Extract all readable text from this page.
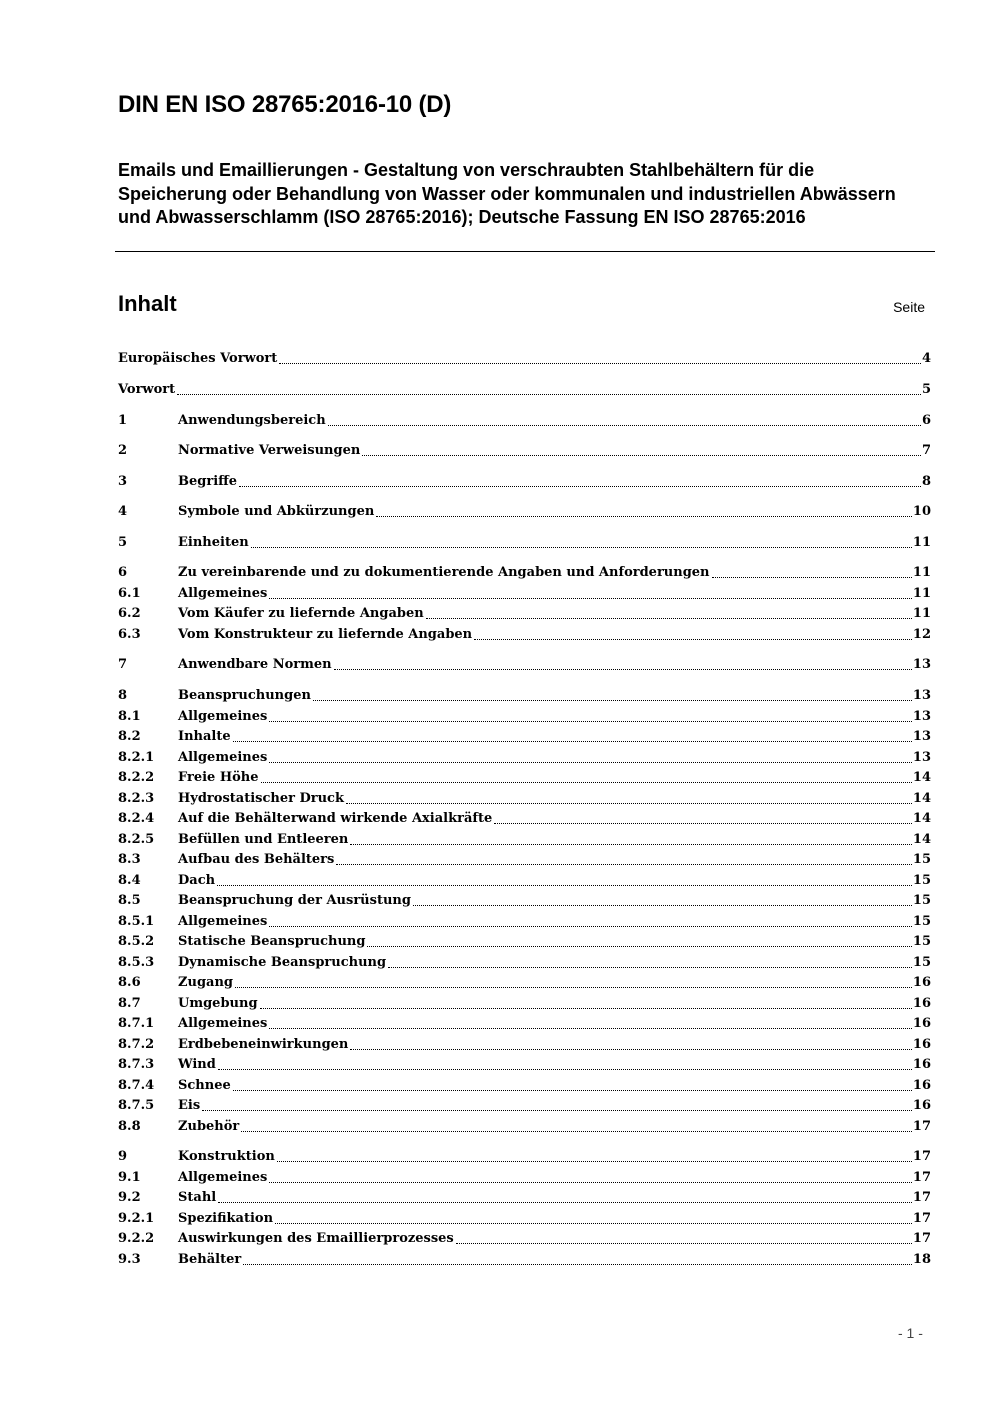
DIN EN ISO 28765:2016-10 (D)
Emails und Emaillierungen - Gestaltung von verschraubten Stahlbehältern für die Speicherung oder Behandlung von Wasser oder kommunalen und industriellen Abwässern und Abwasserschlamm (ISO 28765:2016); Deutsche Fassung EN ISO 28765:2016
Inhalt	Seite
Europäisches Vorwort	4
Vorwort	5
1	Anwendungsbereich	6
2	Normative Verweisungen	7
3	Begriffe	8
4	Symbole und Abkürzungen	10
5	Einheiten	11
6	Zu vereinbarende und zu dokumentierende Angaben und Anforderungen	11
6.1	Allgemeines	11
6.2	Vom Käufer zu liefernde Angaben	11
6.3	Vom Konstrukteur zu liefernde Angaben	12
7	Anwendbare Normen	13
8	Beanspruchungen	13
8.1	Allgemeines	13
8.2	Inhalte	13
8.2.1	Allgemeines	13
8.2.2	Freie Höhe	14
8.2.3	Hydrostatischer Druck	14
8.2.4	Auf die Behälterwand wirkende Axialkräfte	14
8.2.5	Befüllen und Entleeren	14
8.3	Aufbau des Behälters	15
8.4	Dach	15
8.5	Beanspruchung der Ausrüstung	15
8.5.1	Allgemeines	15
8.5.2	Statische Beanspruchung	15
8.5.3	Dynamische Beanspruchung	15
8.6	Zugang	16
8.7	Umgebung	16
8.7.1	Allgemeines	16
8.7.2	Erdbebeneinwirkungen	16
8.7.3	Wind	16
8.7.4	Schnee	16
8.7.5	Eis	16
8.8	Zubehör	17
9	Konstruktion	17
9.1	Allgemeines	17
9.2	Stahl	17
9.2.1	Spezifikation	17
9.2.2	Auswirkungen des Emaillierprozesses	17
9.3	Behälter	18
- 1 -
